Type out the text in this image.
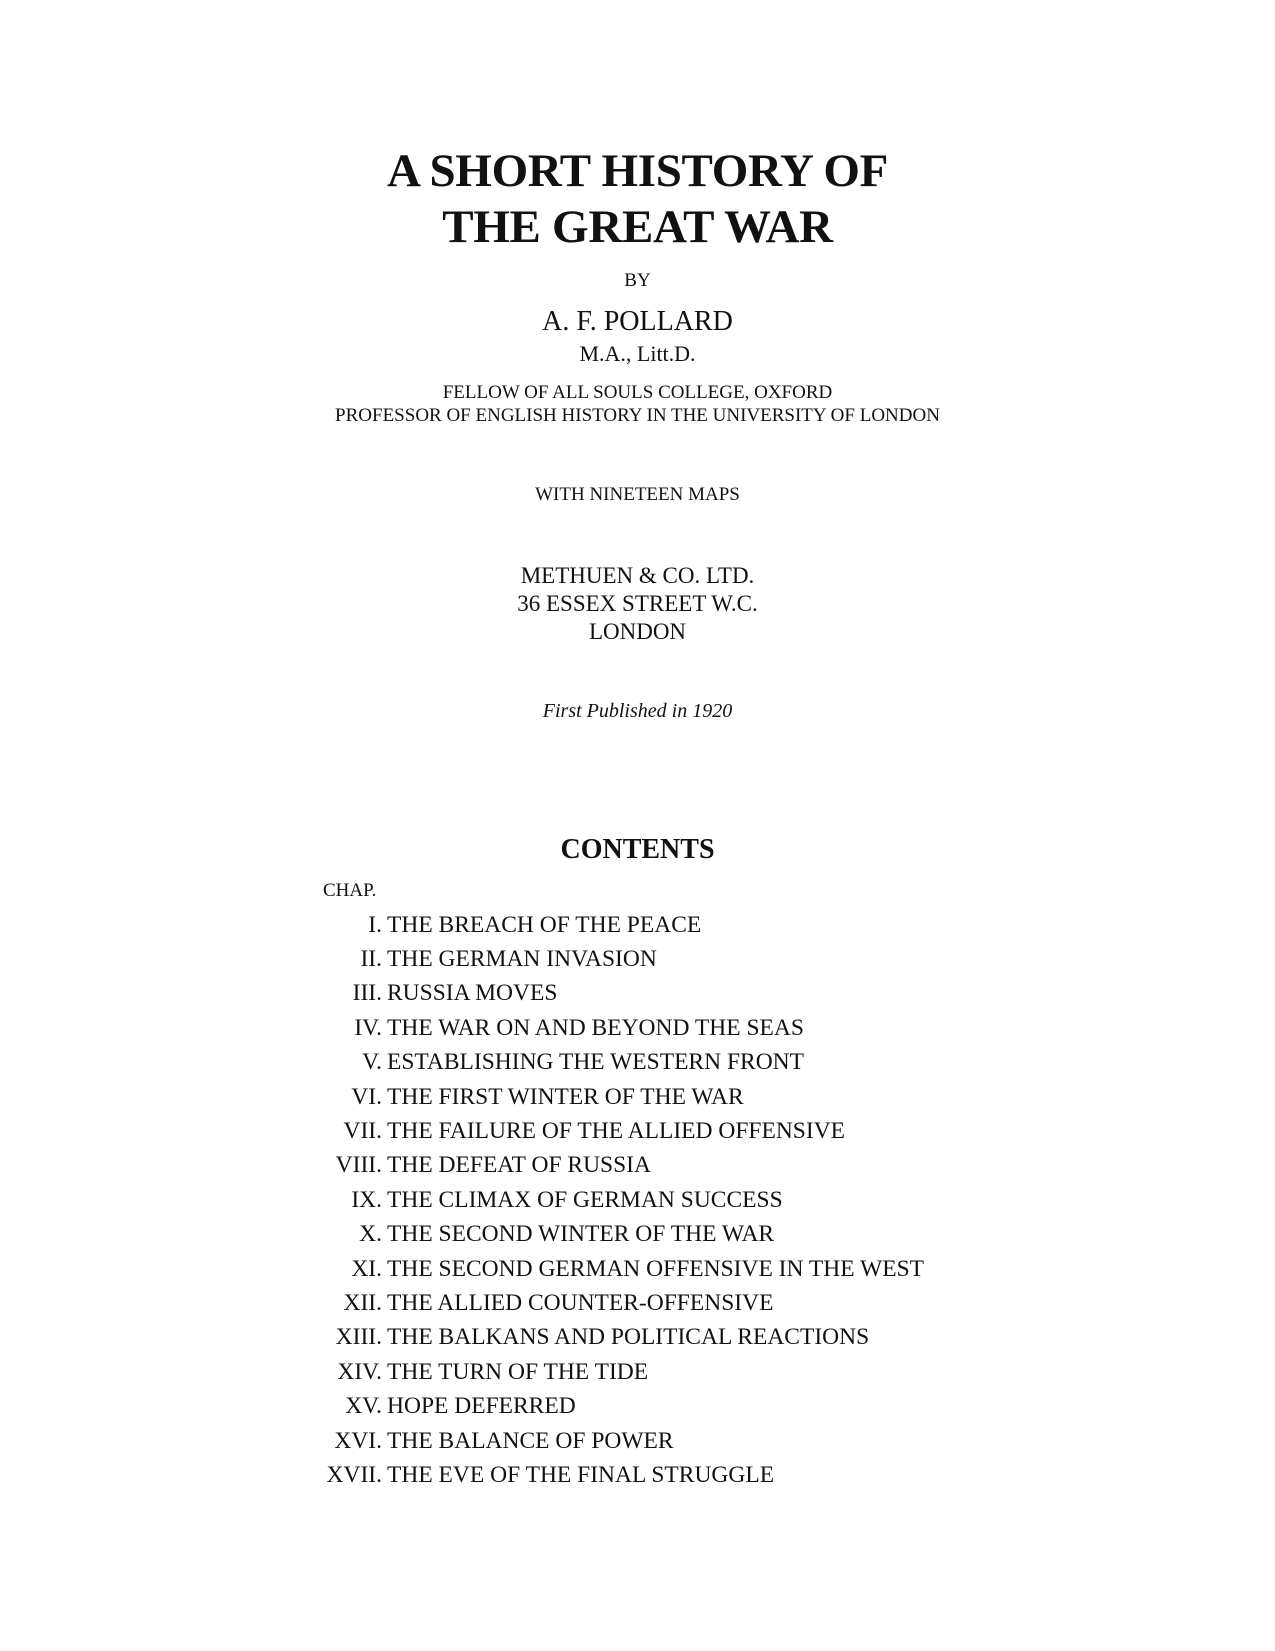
A SHORT HISTORY OF
THE GREAT WAR
BY
A. F. POLLARD
M.A., Litt.D.
FELLOW OF ALL SOULS COLLEGE, OXFORD
PROFESSOR OF ENGLISH HISTORY IN THE UNIVERSITY OF LONDON
WITH NINETEEN MAPS
METHUEN & CO. LTD.
36 ESSEX STREET W.C.
LONDON
First Published in 1920
CONTENTS
CHAP.
I. THE BREACH OF THE PEACE
II. THE GERMAN INVASION
III. RUSSIA MOVES
IV. THE WAR ON AND BEYOND THE SEAS
V. ESTABLISHING THE WESTERN FRONT
VI. THE FIRST WINTER OF THE WAR
VII. THE FAILURE OF THE ALLIED OFFENSIVE
VIII. THE DEFEAT OF RUSSIA
IX. THE CLIMAX OF GERMAN SUCCESS
X. THE SECOND WINTER OF THE WAR
XI. THE SECOND GERMAN OFFENSIVE IN THE WEST
XII. THE ALLIED COUNTER-OFFENSIVE
XIII. THE BALKANS AND POLITICAL REACTIONS
XIV. THE TURN OF THE TIDE
XV. HOPE DEFERRED
XVI. THE BALANCE OF POWER
XVII. THE EVE OF THE FINAL STRUGGLE
